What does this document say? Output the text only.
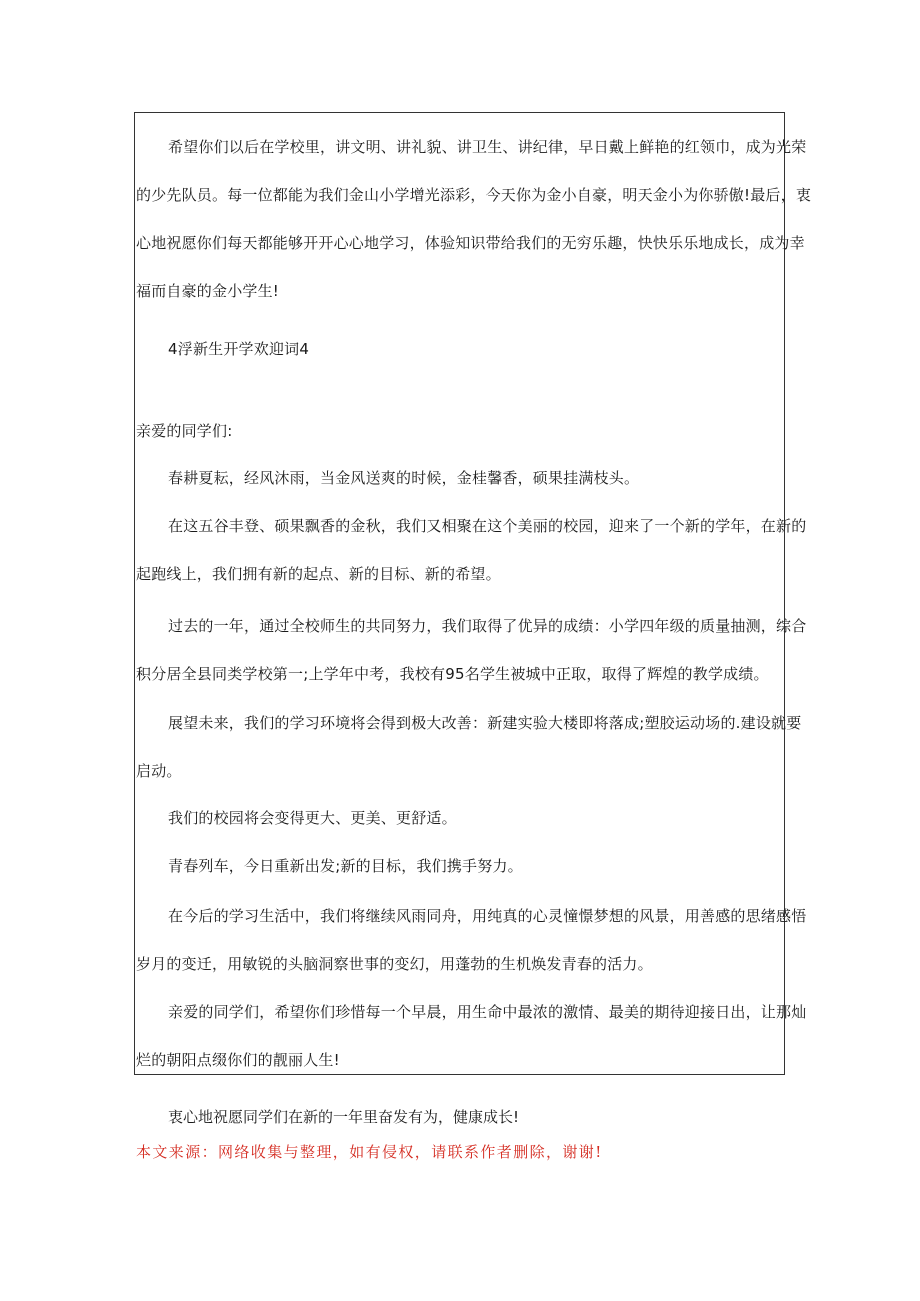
希望你们以后在学校里，讲文明、讲礼貌、讲卫生、讲纪律，早日戴上鲜艳的红领巾，成为光荣
的少先队员。每一位都能为我们金山小学增光添彩，今天你为金小自豪，明天金小为你骄傲!最后，衷
心地祝愿你们每天都能够开开心心地学习，体验知识带给我们的无穷乐趣，快快乐乐地成长，成为幸
福而自豪的金小学生!
4浮新生开学欢迎词4
亲爱的同学们:
春耕夏耘，经风沐雨，当金风送爽的时候，金桂馨香，硕果挂满枝头。
在这五谷丰登、硕果飘香的金秋，我们又相聚在这个美丽的校园，迎来了一个新的学年，在新的
起跑线上，我们拥有新的起点、新的目标、新的希望。
过去的一年，通过全校师生的共同努力，我们取得了优异的成绩：小学四年级的质量抽测，综合
积分居全县同类学校第一;上学年中考，我校有95名学生被城中正取，取得了辉煌的教学成绩。
展望未来，我们的学习环境将会得到极大改善：新建实验大楼即将落成;塑胶运动场的.建设就要
启动。
我们的校园将会变得更大、更美、更舒适。
青春列车，今日重新出发;新的目标，我们携手努力。
在今后的学习生活中，我们将继续风雨同舟，用纯真的心灵憧憬梦想的风景，用善感的思绪感悟
岁月的变迁，用敏锐的头脑洞察世事的变幻，用蓬勃的生机焕发青春的活力。
亲爱的同学们，希望你们珍惜每一个早晨，用生命中最浓的激情、最美的期待迎接日出，让那灿
烂的朝阳点缀你们的靓丽人生!
衷心地祝愿同学们在新的一年里奋发有为，健康成长!
本文来源：网络收集与整理，如有侵权，请联系作者删除，谢谢!
